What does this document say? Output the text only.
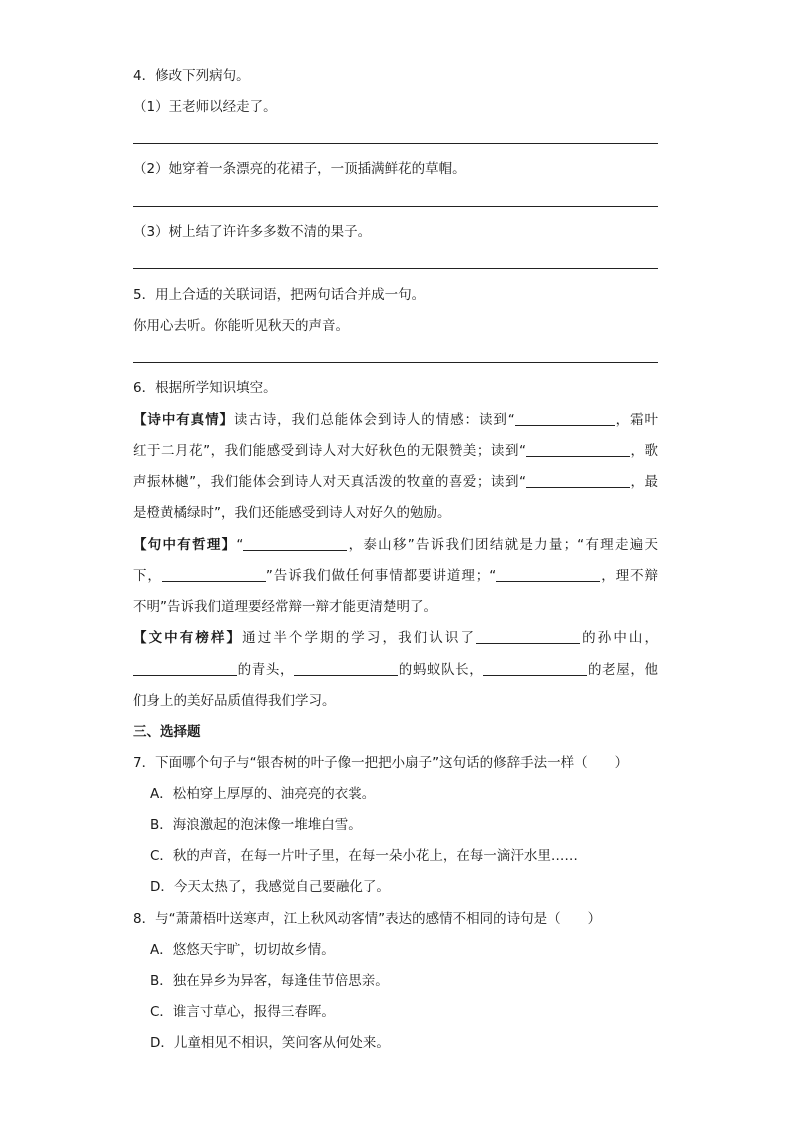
4．修改下列病句。
（1）王老师以经走了。
（2）她穿着一条漂亮的花裙子，一顶插满鲜花的草帽。
（3）树上结了许许多多数不清的果子。
5．用上合适的关联词语，把两句话合并成一句。
你用心去听。你能听见秋天的声音。
6．根据所学知识填空。
【诗中有真情】读古诗，我们总能体会到诗人的情感：读到“	，霜叶
红于二月花”，我们能感受到诗人对大好秋色的无限赞美；读到“	，歌
声振林樾”，我们能体会到诗人对天真活泼的牧童的喜爱；读到“	，最
是橙黄橘绿时”，我们还能感受到诗人对好久的勉励。
【句中有哲理】“	，泰山移”告诉我们团结就是力量；“有理走遍天
下，	”告诉我们做任何事情都要讲道理；“	，理不辩
不明”告诉我们道理要经常辩一辩才能更清楚明了。
【文中有榜样】通过半个学期的学习，我们认识了	的孙中山，
的青头，	的蚂蚁队长，	的老屋，他
们身上的美好品质值得我们学习。
三、选择题
7．下面哪个句子与“银杏树的叶子像一把把小扇子”这句话的修辞手法一样（　　）
A．松柏穿上厚厚的、油亮亮的衣裳。
B．海浪激起的泡沫像一堆堆白雪。
C．秋的声音，在每一片叶子里，在每一朵小花上，在每一滴汗水里……
D．今天太热了，我感觉自己要融化了。
8．与“萧萧梧叶送寒声，江上秋风动客情”表达的感情不相同的诗句是（　　）
A．悠悠天宇旷，切切故乡情。
B．独在异乡为异客，每逢佳节倍思亲。
C．谁言寸草心，报得三春晖。
D．儿童相见不相识，笑问客从何处来。
